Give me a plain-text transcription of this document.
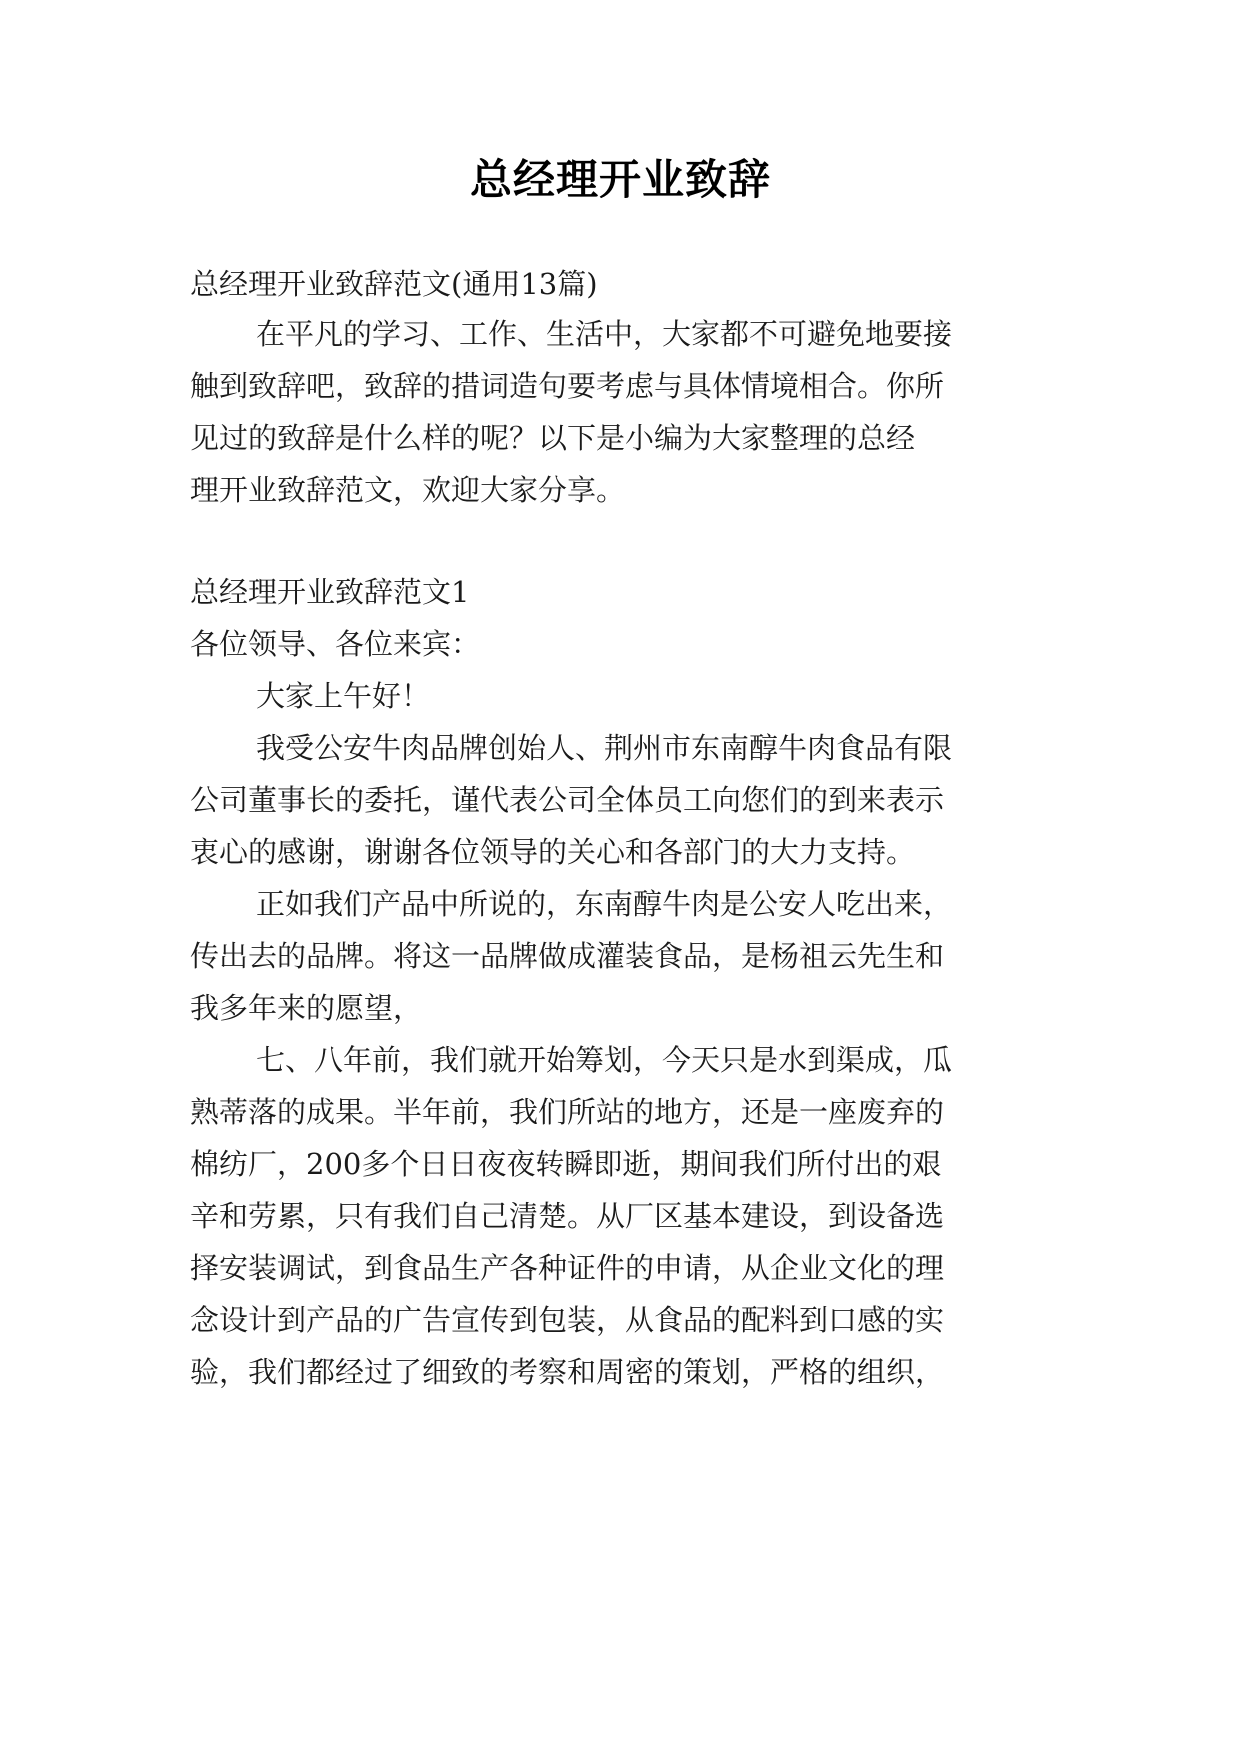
总经理开业致辞
总经理开业致辞范文(通用13篇)
在平凡的学习、工作、生活中，大家都不可避免地要接
触到致辞吧，致辞的措词造句要考虑与具体情境相合。你所
见过的致辞是什么样的呢？以下是小编为大家整理的总经
理开业致辞范文，欢迎大家分享。
总经理开业致辞范文1
各位领导、各位来宾：
大家上午好！
我受公安牛肉品牌创始人、荆州市东南醇牛肉食品有限
公司董事长的委托，谨代表公司全体员工向您们的到来表示
衷心的感谢，谢谢各位领导的关心和各部门的大力支持。
正如我们产品中所说的，东南醇牛肉是公安人吃出来，
传出去的品牌。将这一品牌做成灌装食品，是杨祖云先生和
我多年来的愿望，
七、八年前，我们就开始筹划，今天只是水到渠成，瓜
熟蒂落的成果。半年前，我们所站的地方，还是一座废弃的
棉纺厂，200多个日日夜夜转瞬即逝，期间我们所付出的艰
辛和劳累，只有我们自己清楚。从厂区基本建设，到设备选
择安装调试，到食品生产各种证件的申请，从企业文化的理
念设计到产品的广告宣传到包装，从食品的配料到口感的实
验，我们都经过了细致的考察和周密的策划，严格的组织，
